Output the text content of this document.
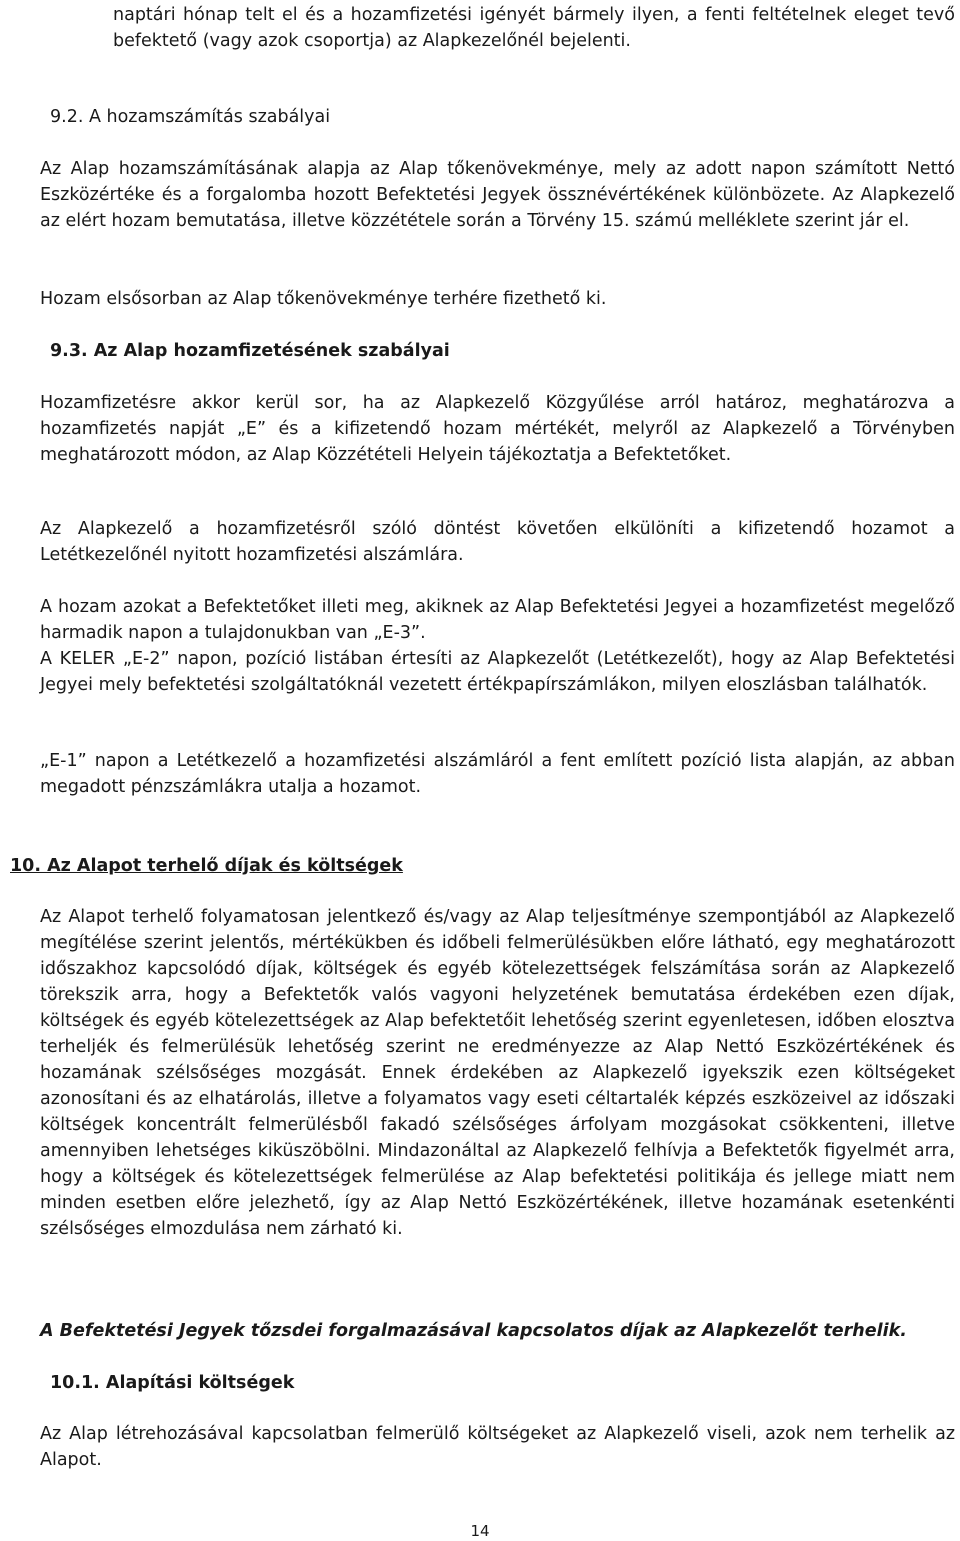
naptári hónap telt el és a hozamfizetési igényét bármely ilyen, a fenti feltételnek eleget tevő befektető (vagy azok csoportja) az Alapkezelőnél bejelenti.

9.2. A hozamszámítás szabályai

Az Alap hozamszámításának alapja az Alap tőkenövekménye, mely az adott napon számított Nettó Eszközértéke és a forgalomba hozott Befektetési Jegyek össznévértékének különbözete. Az Alapkezelő az elért hozam bemutatása, illetve közzététele során a Törvény 15. számú melléklete szerint jár el.

Hozam elsősorban az Alap tőkenövekménye terhére fizethető ki.

9.3. Az Alap hozamfizetésének szabályai

Hozamfizetésre akkor kerül sor, ha az Alapkezelő Közgyűlése arról határoz, meghatározva a hozamfizetés napját „E” és a kifizetendő hozam mértékét, melyről az Alapkezelő a Törvényben meghatározott módon, az Alap Közzétételi Helyein tájékoztatja a Befektetőket.

Az Alapkezelő a hozamfizetésről szóló döntést követően elkülöníti a kifizetendő hozamot a Letétkezelőnél nyitott hozamfizetési alszámlára.

A hozam azokat a Befektetőket illeti meg, akiknek az Alap Befektetési Jegyei a hozamfizetést megelőző harmadik napon a tulajdonukban van „E-3”.

A KELER „E-2” napon, pozíció listában értesíti az Alapkezelőt (Letétkezelőt), hogy az Alap Befektetési Jegyei mely befektetési szolgáltatóknál vezetett értékpapírszámlákon, milyen eloszlásban találhatók.

„E-1” napon a Letétkezelő a hozamfizetési alszámláról a fent említett pozíció lista alapján, az abban megadott pénzszámlákra utalja a hozamot.

10. Az Alapot terhelő díjak és költségek

Az Alapot terhelő folyamatosan jelentkező és/vagy az Alap teljesítménye szempontjából az Alapkezelő megítélése szerint jelentős, mértékükben és időbeli felmerülésükben előre látható, egy meghatározott időszakhoz kapcsolódó díjak, költségek és egyéb kötelezettségek felszámítása során az Alapkezelő törekszik arra, hogy a Befektetők valós vagyoni helyzetének bemutatása érdekében ezen díjak, költségek és egyéb kötelezettségek az Alap befektetőit lehetőség szerint egyenletesen, időben elosztva terheljék és felmerülésük lehetőség szerint ne eredményezze az Alap Nettó Eszközértékének és hozamának szélsőséges mozgását. Ennek érdekében az Alapkezelő igyekszik ezen költségeket azonosítani és az elhatárolás, illetve a folyamatos vagy eseti céltartalék képzés eszközeivel az időszaki költségek koncentrált felmerülésből fakadó szélsőséges árfolyam mozgásokat csökkenteni, illetve amennyiben lehetséges kiküszöbölni. Mindazonáltal az Alapkezelő felhívja a Befektetők figyelmét arra, hogy a költségek és kötelezettségek felmerülése az Alap befektetési politikája és jellege miatt nem minden esetben előre jelezhető, így az Alap Nettó Eszközértékének, illetve hozamának esetenkénti szélsőséges elmozdulása nem zárható ki.

A Befektetési Jegyek tőzsdei forgalmazásával kapcsolatos díjak az Alapkezelőt terhelik.

10.1. Alapítási költségek

Az Alap létrehozásával kapcsolatban felmerülő költségeket az Alapkezelő viseli, azok nem terhelik az Alapot.

14
